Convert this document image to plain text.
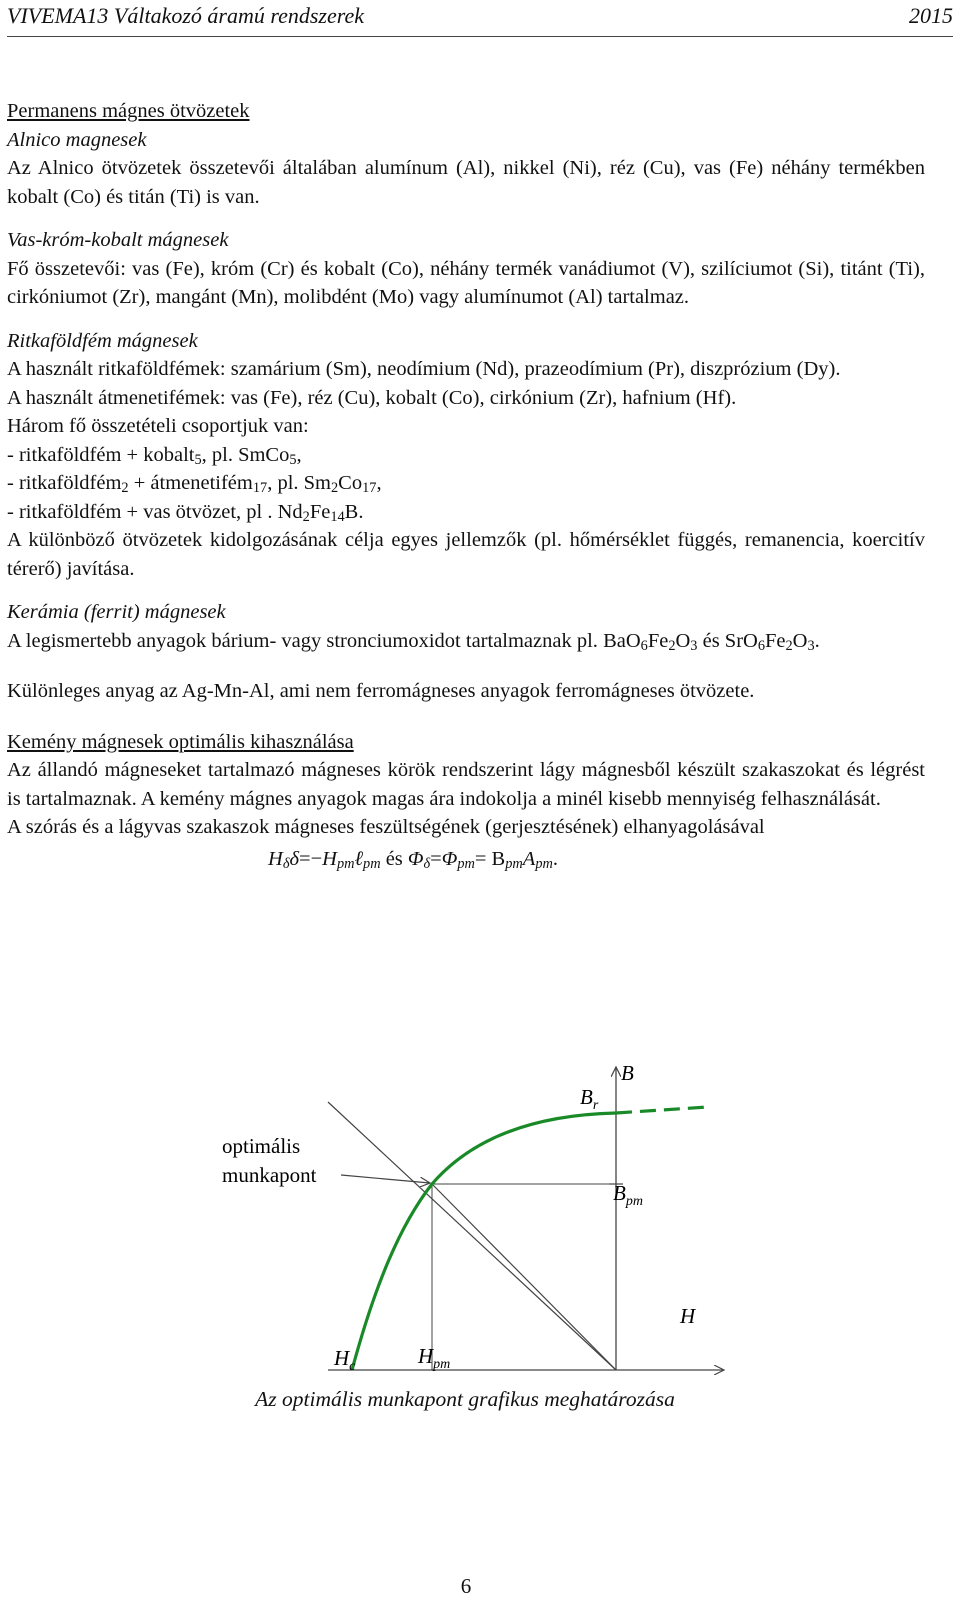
VIVEMA13 Váltakozó áramú rendszerek	2015

Permanens mágnes ötvözetek

Alnico magnesek

Az Alnico ötvözetek összetevői általában alumínum (Al), nikkel (Ni), réz (Cu), vas (Fe) néhány termékben kobalt (Co) és titán (Ti) is van.

Vas-króm-kobalt mágnesek

Fő összetevői: vas (Fe), króm (Cr) és kobalt (Co), néhány termék vanádiumot (V), szilíciumot (Si), titánt (Ti), cirkóniumot (Zr), mangánt (Mn), molibdént (Mo) vagy alumínumot (Al) tartalmaz.

Ritkaföldfém mágnesek

A használt ritkaföldfémek: szamárium (Sm), neodímium (Nd), prazeodímium (Pr), diszprózium (Dy).

A használt átmenetifémek: vas (Fe), réz (Cu), kobalt (Co), cirkónium (Zr), hafnium (Hf).

Három fő összetételi csoportjuk van:

- ritkaföldfém + kobalt$_5$, pl. SmCo$_5$,

- ritkaföldfém$_2$ + átmenetifém$_{17}$, pl. $Sm_2Co_{17}$,

- ritkaföldfém + vas ötvözet, pl . $Nd_2Fe_{14}B$.

A különböző ötvözetek kidolgozásának célja egyes jellemzők (pl. hőmérséklet függés, remanencia, koercitív térerő) javítása.

Kerámia (ferrit) mágnesek

A legismertebb anyagok bárium- vagy stronciumoxidot tartalmaznak pl. $BaO_6Fe_2O_3$ és $SrO_6Fe_2O_3$.

Különleges anyag az Ag-Mn-Al, ami nem ferromágneses anyagok ferromágneses ötvözete.

Kemény mágnesek optimális kihasználása

Az állandó mágneseket tartalmazó mágneses körök rendszerint lágy mágnesből készült szakaszokat és légrést is tartalmaznak. A kemény mágnes anyagok magas ára indokolja a minél kisebb mennyiség felhasználását.

A szórás és a lágyvas szakaszok mágneses feszültségének (gerjesztésének) elhanyagolásával

$H_\delta\delta=-H_{pm}\ell_{pm}$ és $\Phi_\delta=\Phi_{pm}= B_{pm}A_{pm}$.

optimális
munkapont
B
$B_r$
$B_{pm}$
H
$H_c$	$H_{pm}$
Az optimális munkapont grafikus meghatározása
6
